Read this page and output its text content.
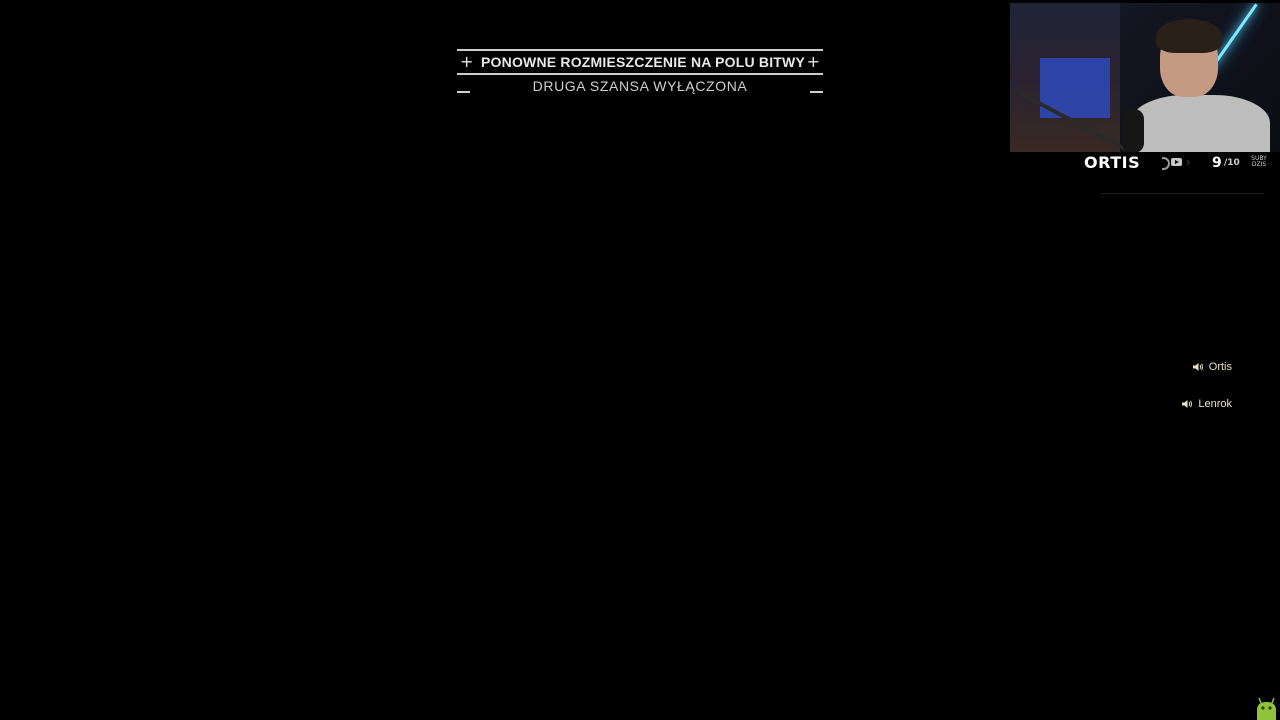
+	+
PONOWNE ROZMIESZCZENIE NA POLU BITWY
DRUGA SZANSA WYŁĄCZONA
ORTIS	› 9 /10	SUBY
DZIS
Ortis
Lenrok
